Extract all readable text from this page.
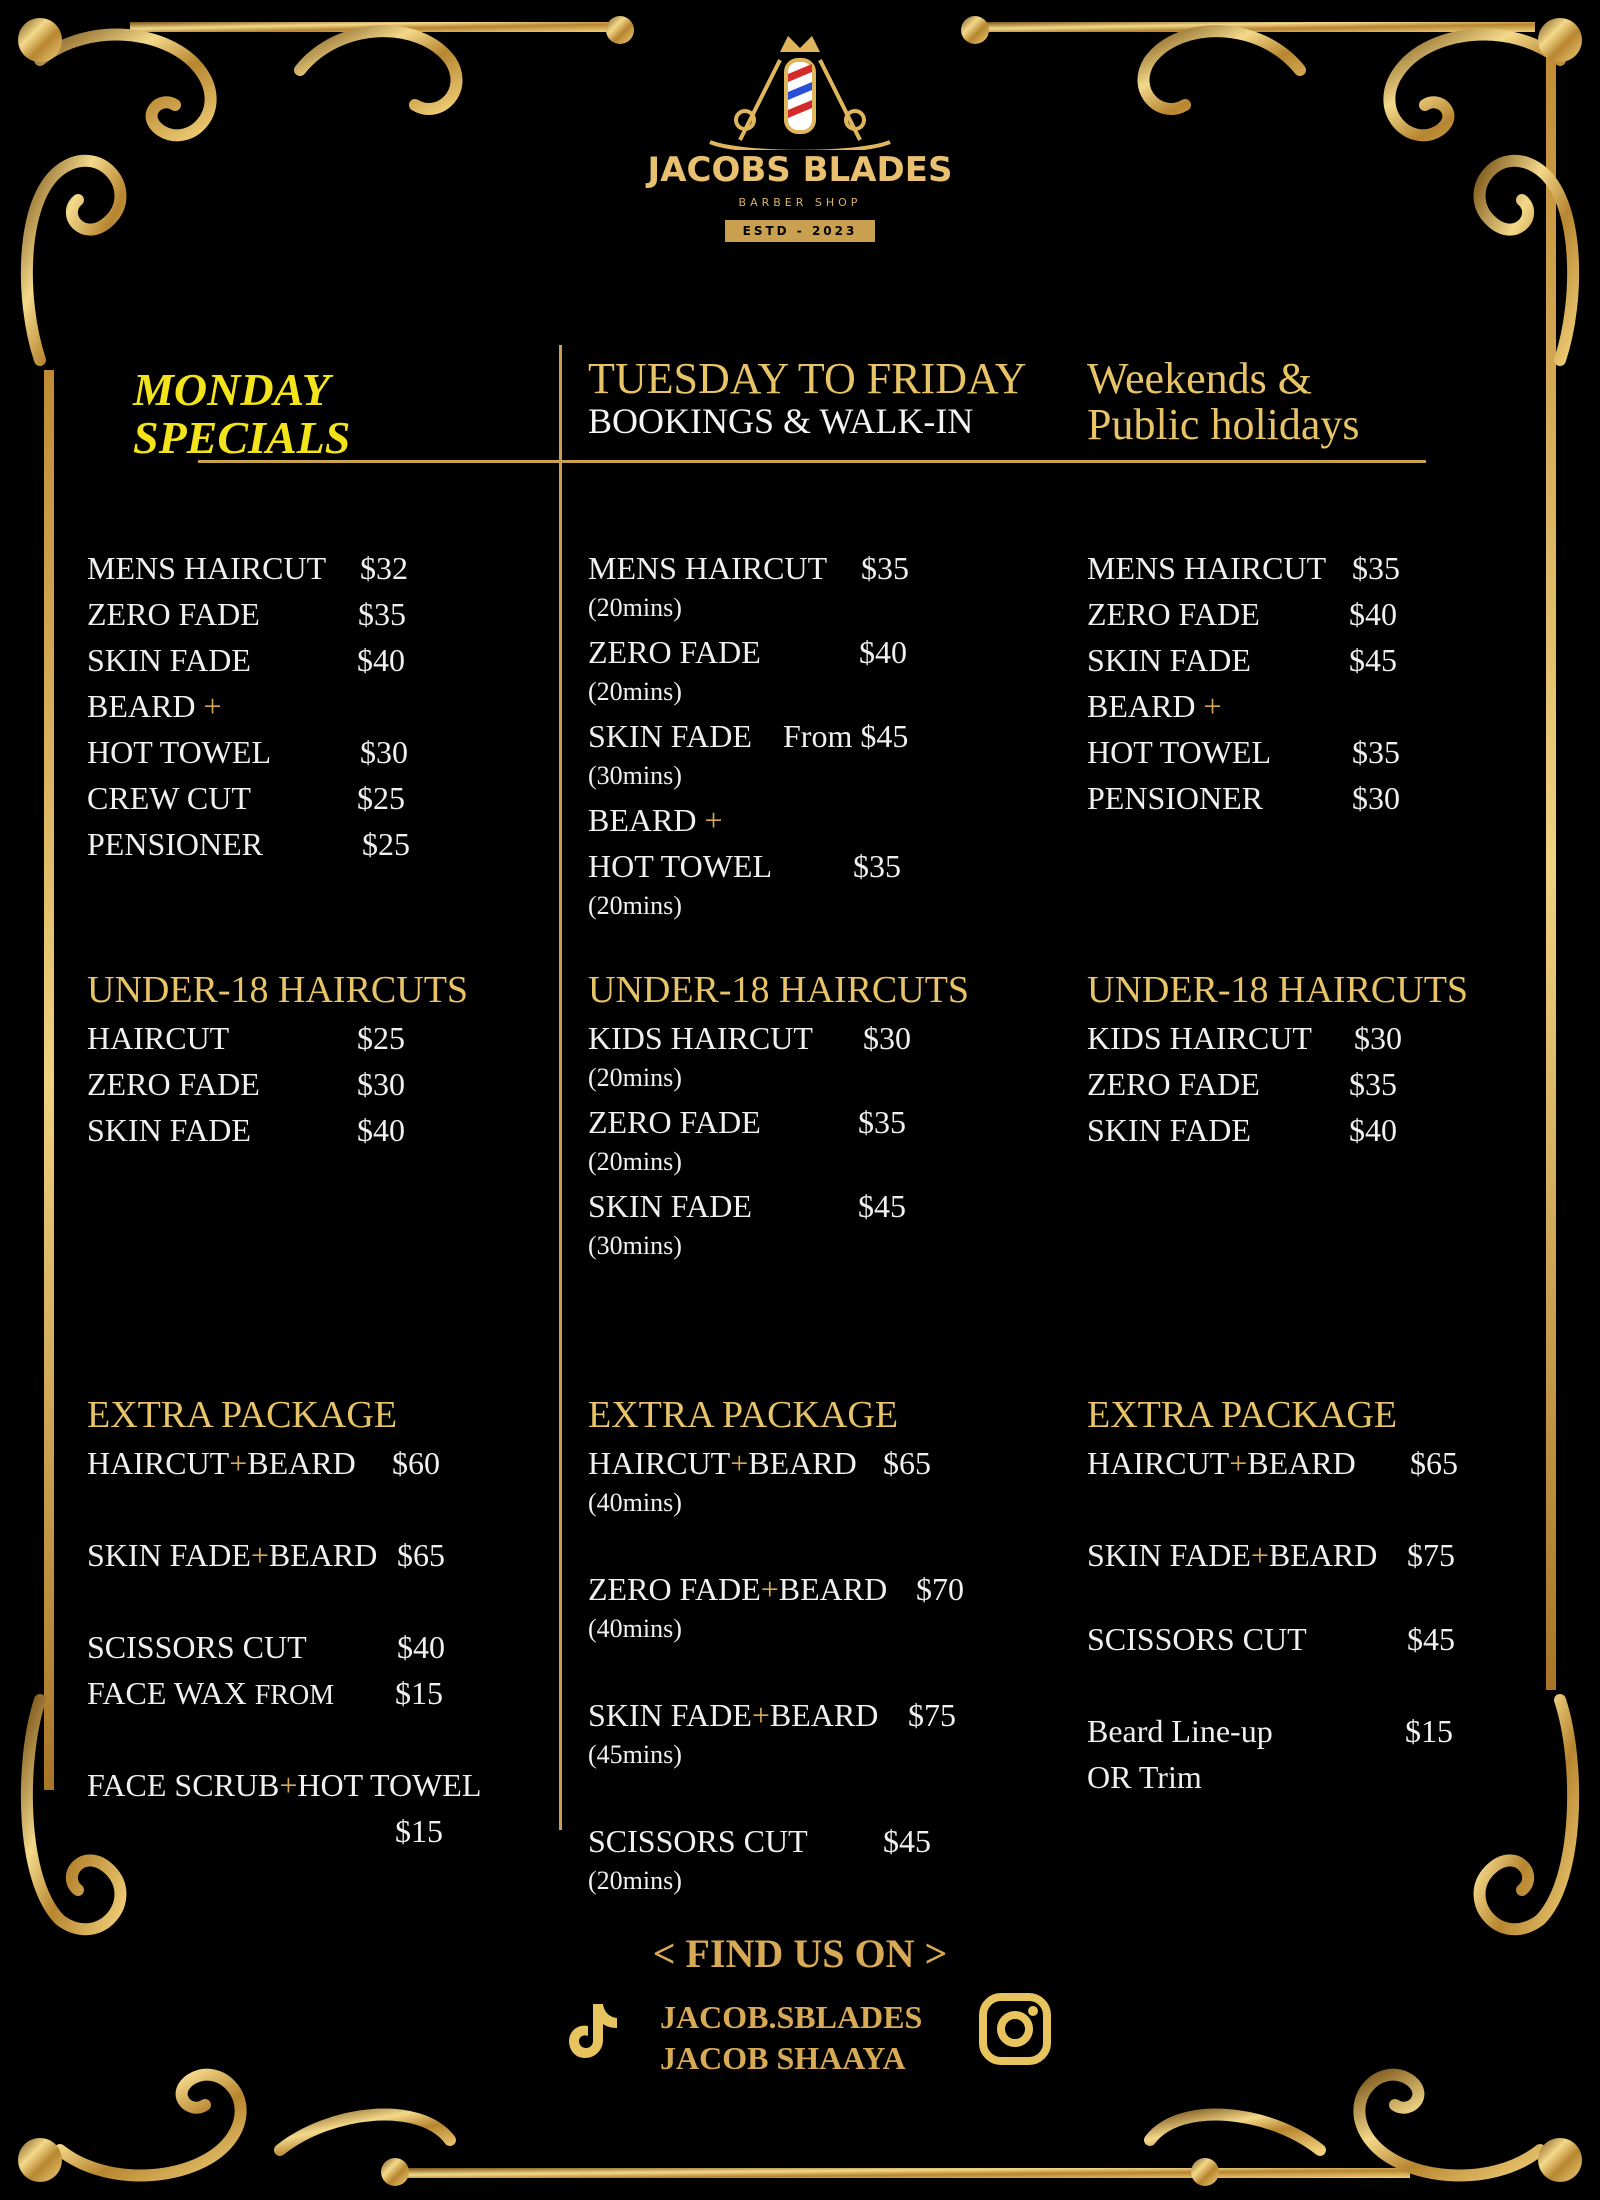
JACOBS BLADES
BARBER SHOP
ESTD - 2023
MONDAY
SPECIALS
TUESDAY TO FRIDAY
BOOKINGS & WALK-IN
Weekends &
Public holidays
MENS HAIRCUT $32
ZERO FADE	$35
SKIN FADE	$40
BEARD +
HOT TOWEL	$30
CREW CUT	$25
PENSIONER	$25
UNDER-18 HAIRCUTS
HAIRCUT	$25
ZERO FADE	$30
SKIN FADE	$40
EXTRA PACKAGE
HAIRCUT+BEARD $60
SKIN FADE+BEARD $65
SCISSORS CUT	$40
FACE WAX FROM $15
FACE SCRUB+HOT TOWEL
$15
MENS HAIRCUT $35
(20mins)
ZERO FADE	$40
(20mins)
SKIN FADE From $45
(30mins)
BEARD +
HOT TOWEL	$35
(20mins)
UNDER-18 HAIRCUTS
KIDS HAIRCUT $30
(20mins)
ZERO FADE	$35
(20mins)
SKIN FADE	$45
(30mins)
EXTRA PACKAGE
HAIRCUT+BEARD $65
(40mins)
ZERO FADE+BEARD $70
(40mins)
SKIN FADE+BEARD $75
(45mins)
SCISSORS CUT $45
(20mins)
MENS HAIRCUT $35
ZERO FADE	$40
SKIN FADE	$45
BEARD +
HOT TOWEL	$35
PENSIONER	$30
UNDER-18 HAIRCUTS
KIDS HAIRCUT $30
ZERO FADE	$35
SKIN FADE	$40
EXTRA PACKAGE
HAIRCUT+BEARD $65
SKIN FADE+BEARD $75
SCISSORS CUT	$45
Beard Line-up	$15
OR Trim
< FIND US ON >
JACOB.SBLADES
JACOB SHAAYA
